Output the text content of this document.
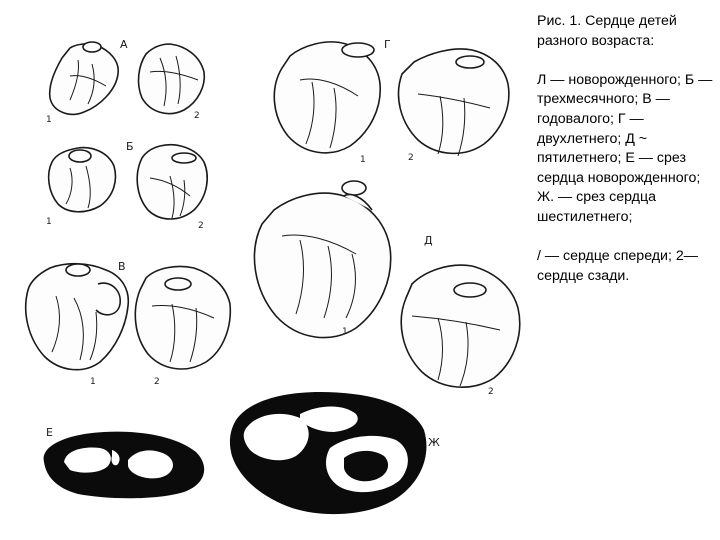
А
1	2
Б
1	2
В
1	2
Г
1	2
Д
1
2
Е
Ж

Рис. 1. Сердце детей разного возраста:

Л — новорожденного; Б — трехмесячного; В —годовалого; Г — двухлетнего; Д ~ пятилетнего; Е — срез сердца новорожденного; Ж. — срез сердца шестилетнего;

/ — сердце спереди; 2— сердце сзади.
